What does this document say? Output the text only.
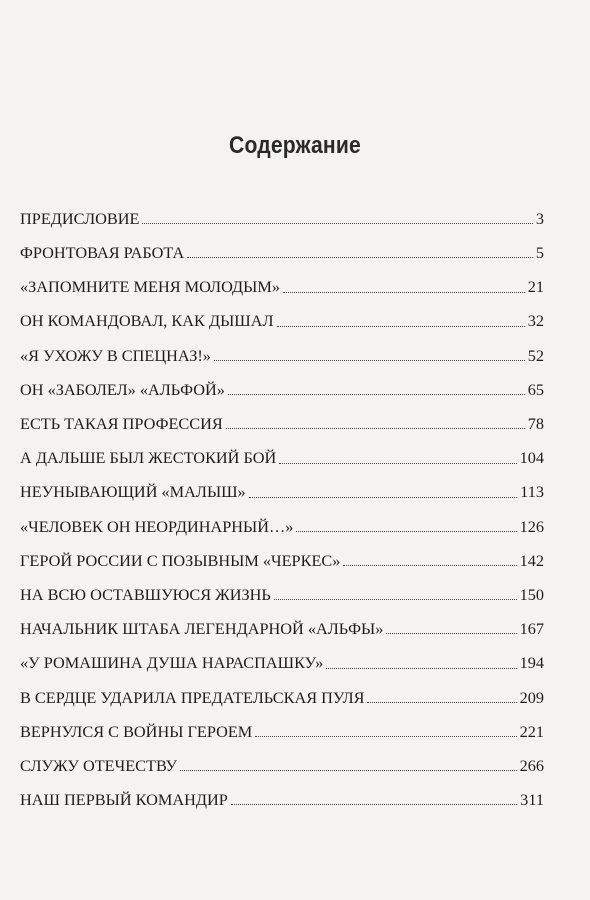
Содержание
ПРЕДИСЛОВИЕ	3
ФРОНТОВАЯ РАБОТА	5
«ЗАПОМНИТЕ МЕНЯ МОЛОДЫМ»	21
ОН КОМАНДОВАЛ, КАК ДЫШАЛ	32
«Я УХОЖУ В СПЕЦНАЗ!»	52
ОН «ЗАБОЛЕЛ» «АЛЬФОЙ»	65
ЕСТЬ ТАКАЯ ПРОФЕССИЯ	78
А ДАЛЬШЕ БЫЛ ЖЕСТОКИЙ БОЙ	104
НЕУНЫВАЮЩИЙ «МАЛЫШ»	113
«ЧЕЛОВЕК ОН НЕОРДИНАРНЫЙ…»	126
ГЕРОЙ РОССИИ С ПОЗЫВНЫМ «ЧЕРКЕС»	142
НА ВСЮ ОСТАВШУЮСЯ ЖИЗНЬ	150
НАЧАЛЬНИК ШТАБА ЛЕГЕНДАРНОЙ «АЛЬФЫ»	167
«У РОМАШИНА ДУША НАРАСПАШКУ»	194
В СЕРДЦЕ УДАРИЛА ПРЕДАТЕЛЬСКАЯ ПУЛЯ	209
ВЕРНУЛСЯ С ВОЙНЫ ГЕРОЕМ	221
СЛУЖУ ОТЕЧЕСТВУ	266
НАШ ПЕРВЫЙ КОМАНДИР	311
